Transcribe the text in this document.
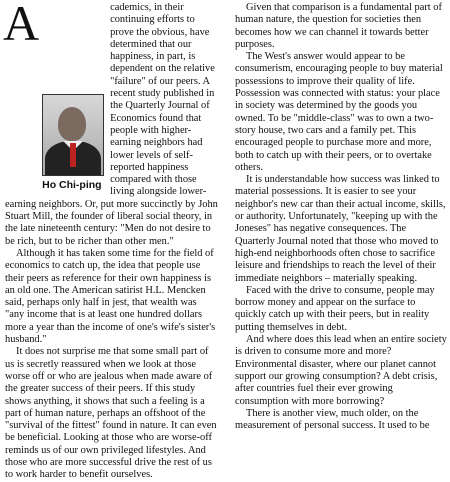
A
Ho Chi-ping
cademics, in their continuing efforts to prove the obvious, have determined that our happiness, in part, is dependent on the relative "failure" of our peers. A recent study published in the Quarterly Journal of Economics found that people with higher-earning neighbors had lower levels of self-reported happiness compared with those living alongside lower-earning neighbors. Or, put more succinctly by John Stuart Mill, the founder of liberal social theory, in the late nineteenth century: "Men do not desire to be rich, but to be richer than other men."

Although it has taken some time for the field of economics to catch up, the idea that people use their peers as reference for their own happiness is an old one. The American satirist H.L. Mencken said, perhaps only half in jest, that wealth was "any income that is at least one hundred dollars more a year than the income of one's wife's sister's husband."

It does not surprise me that some small part of us is secretly reassured when we look at those worse off or who are jealous when made aware of the greater success of their peers. If this study shows anything, it shows that such a feeling is a part of human nature, perhaps an offshoot of the "survival of the fittest" found in nature. It can even be beneficial. Looking at those who are worse-off reminds us of our own privileged lifestyles. And those who are more successful drive the rest of us to work harder to benefit ourselves.

Given that comparison is a fundamental part of human nature, the question for societies then becomes how we can channel it towards better purposes.

The West's answer would appear to be consumerism, encouraging people to buy material possessions to improve their quality of life. Possession was connected with status: your place in society was determined by the goods you owned. To be "middle-class" was to own a two-story house, two cars and a family pet. This encouraged people to purchase more and more, both to catch up with their peers, or to overtake others.

It is understandable how success was linked to material possessions. It is easier to see your neighbor's new car than their actual income, skills, or authority. Unfortunately, "keeping up with the Joneses" has negative consequences. The Quarterly Journal noted that those who moved to high-end neighborhoods often chose to sacrifice leisure and friendships to reach the level of their immediate neighbors – materially speaking.

Faced with the drive to consume, people may borrow money and appear on the surface to quickly catch up with their peers, but in reality putting themselves in debt.

And where does this lead when an entire society is driven to consume more and more? Environmental disaster, where our planet cannot support our growing consumption? A debt crisis, after countries fuel their ever growing consumption with more borrowing?

There is another view, much older, on the measurement of personal success. It used to be
